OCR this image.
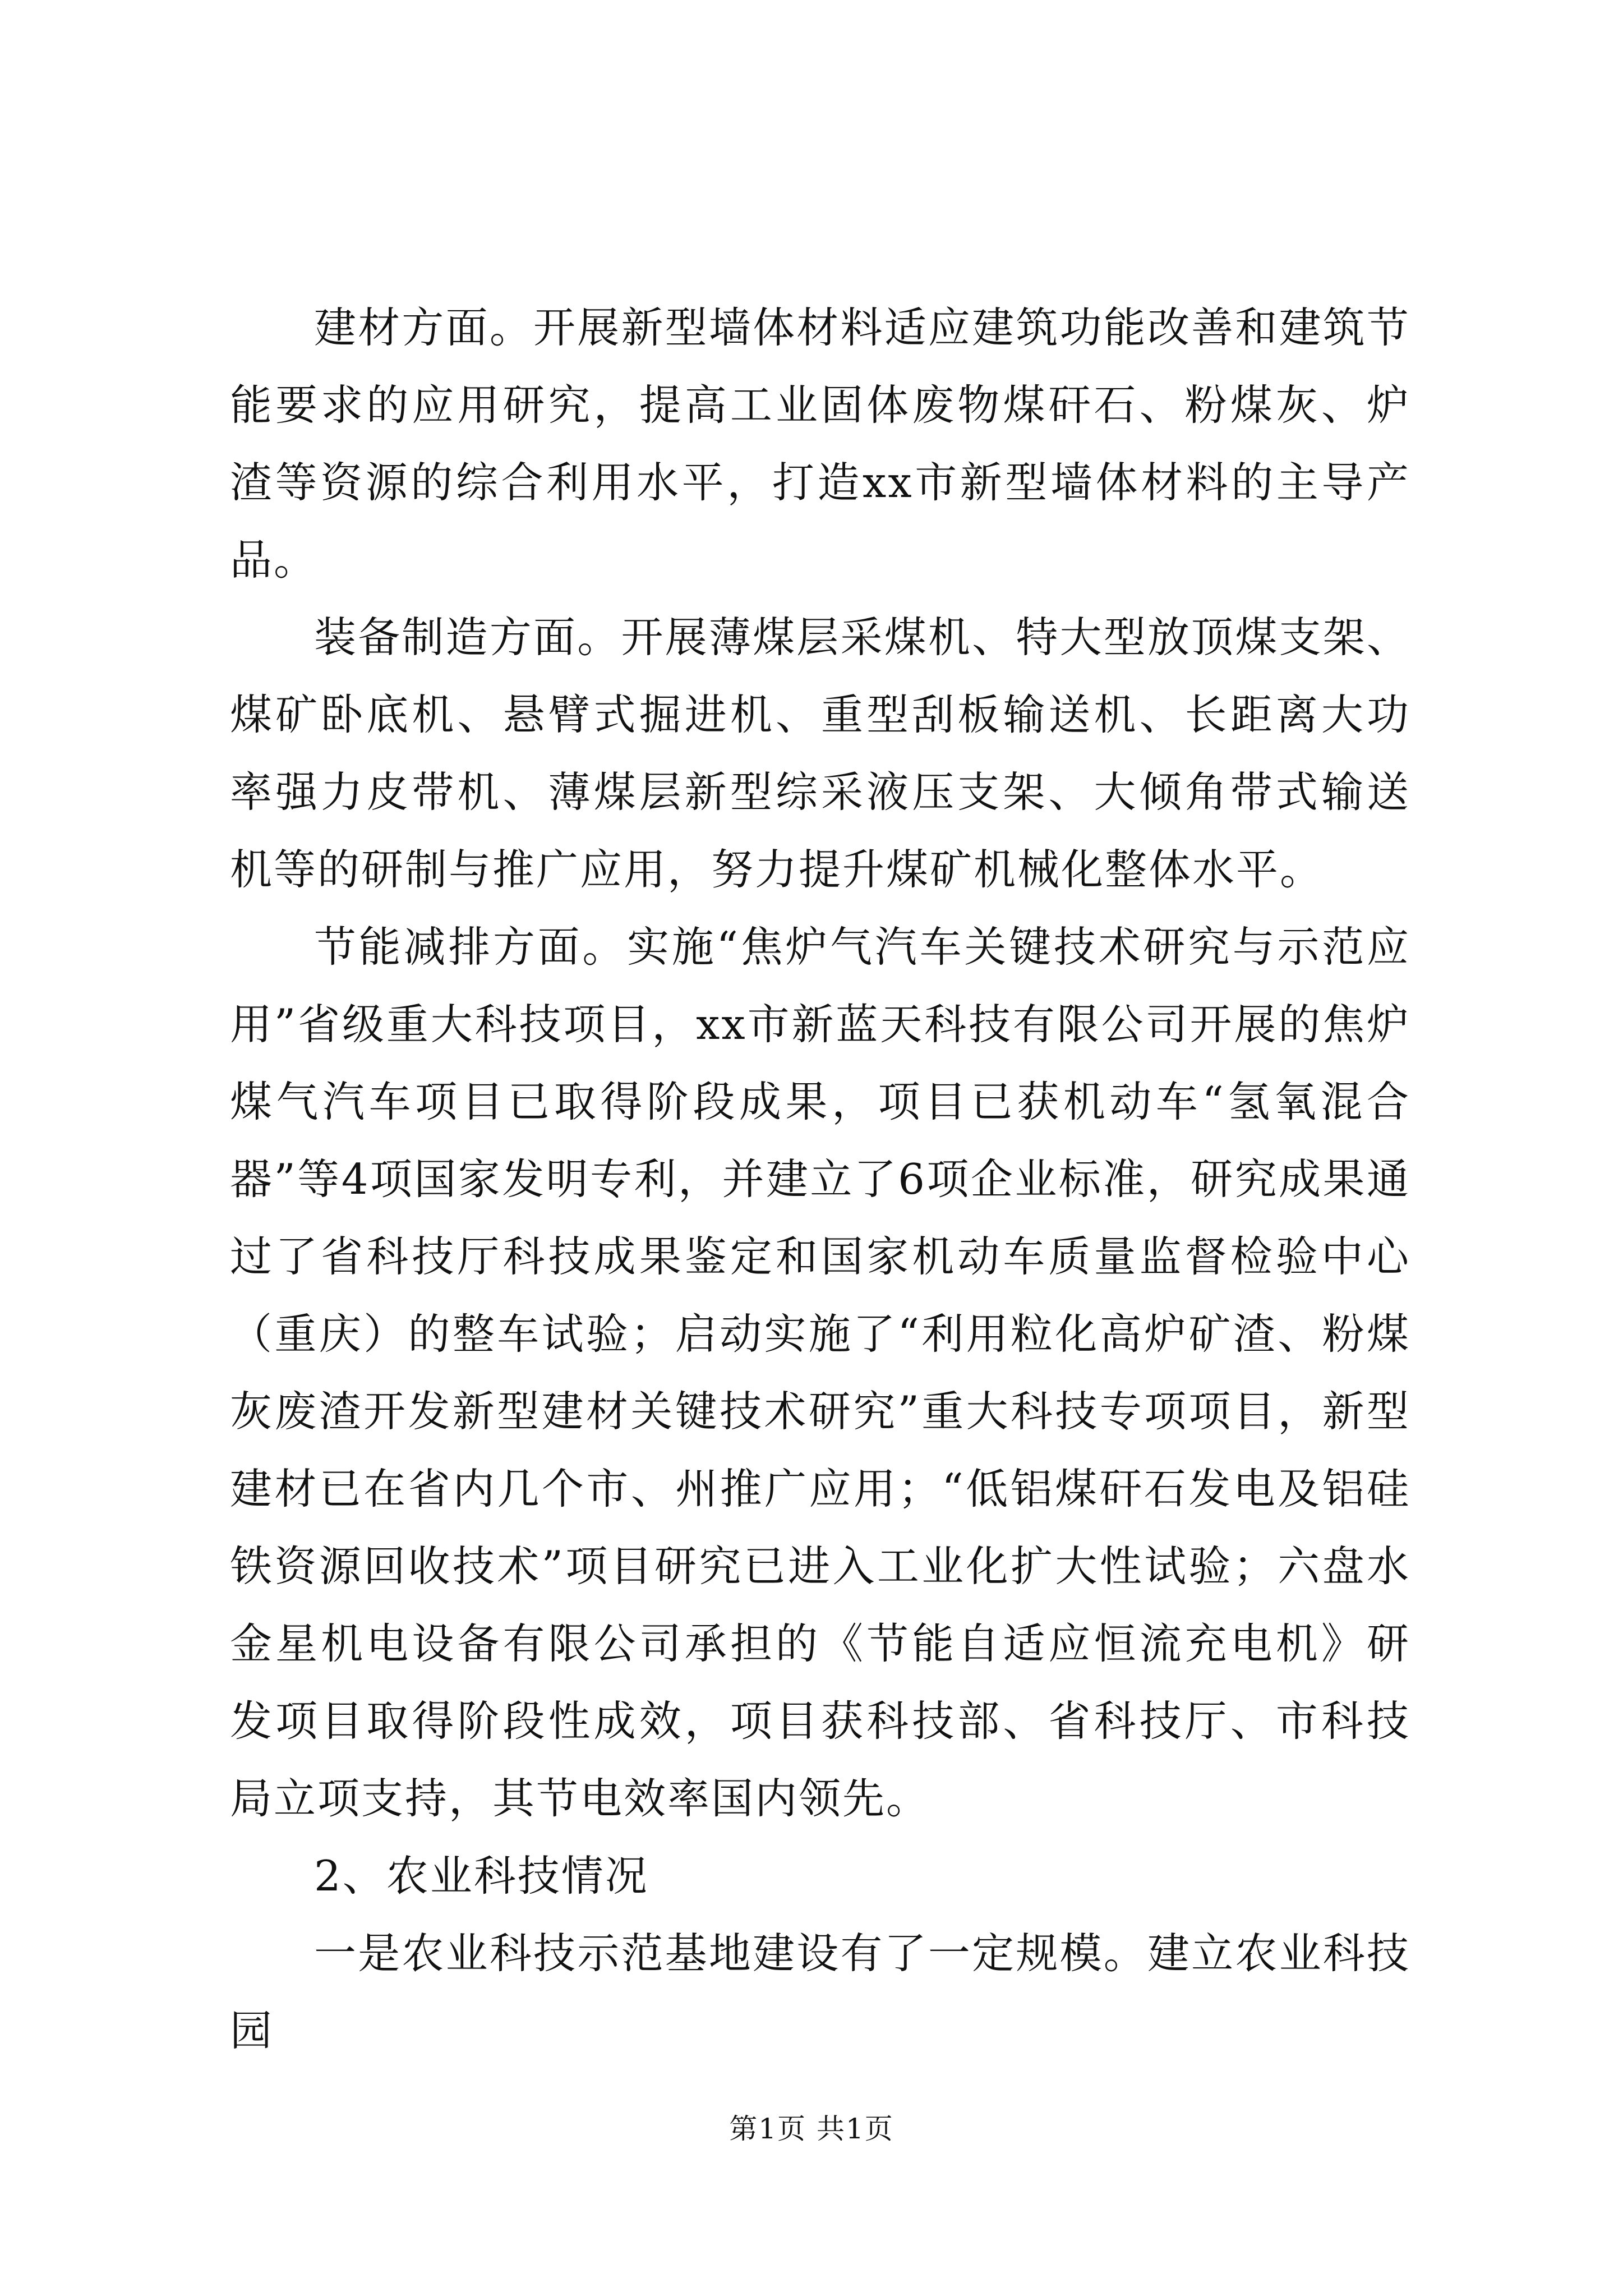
建材方面。开展新型墙体材料适应建筑功能改善和建筑节能要求的应用研究，提高工业固体废物煤矸石、粉煤灰、炉渣等资源的综合利用水平，打造xx市新型墙体材料的主导产品。

装备制造方面。开展薄煤层采煤机、特大型放顶煤支架、煤矿卧底机、悬臂式掘进机、重型刮板输送机、长距离大功率强力皮带机、薄煤层新型综采液压支架、大倾角带式输送机等的研制与推广应用，努力提升煤矿机械化整体水平。

节能减排方面。实施“焦炉气汽车关键技术研究与示范应用”省级重大科技项目，xx市新蓝天科技有限公司开展的焦炉煤气汽车项目已取得阶段成果，项目已获机动车“氢氧混合器”等4项国家发明专利，并建立了6项企业标准，研究成果通过了省科技厅科技成果鉴定和国家机动车质量监督检验中心（重庆）的整车试验；启动实施了“利用粒化高炉矿渣、粉煤灰废渣开发新型建材关键技术研究”重大科技专项项目，新型建材已在省内几个市、州推广应用；“低铝煤矸石发电及铝硅铁资源回收技术”项目研究已进入工业化扩大性试验；六盘水金星机电设备有限公司承担的《节能自适应恒流充电机》研发项目取得阶段性成效，项目获科技部、省科技厅、市科技局立项支持，其节电效率国内领先。

2、农业科技情况

一是农业科技示范基地建设有了一定规模。建立农业科技园

第1页 共1页
